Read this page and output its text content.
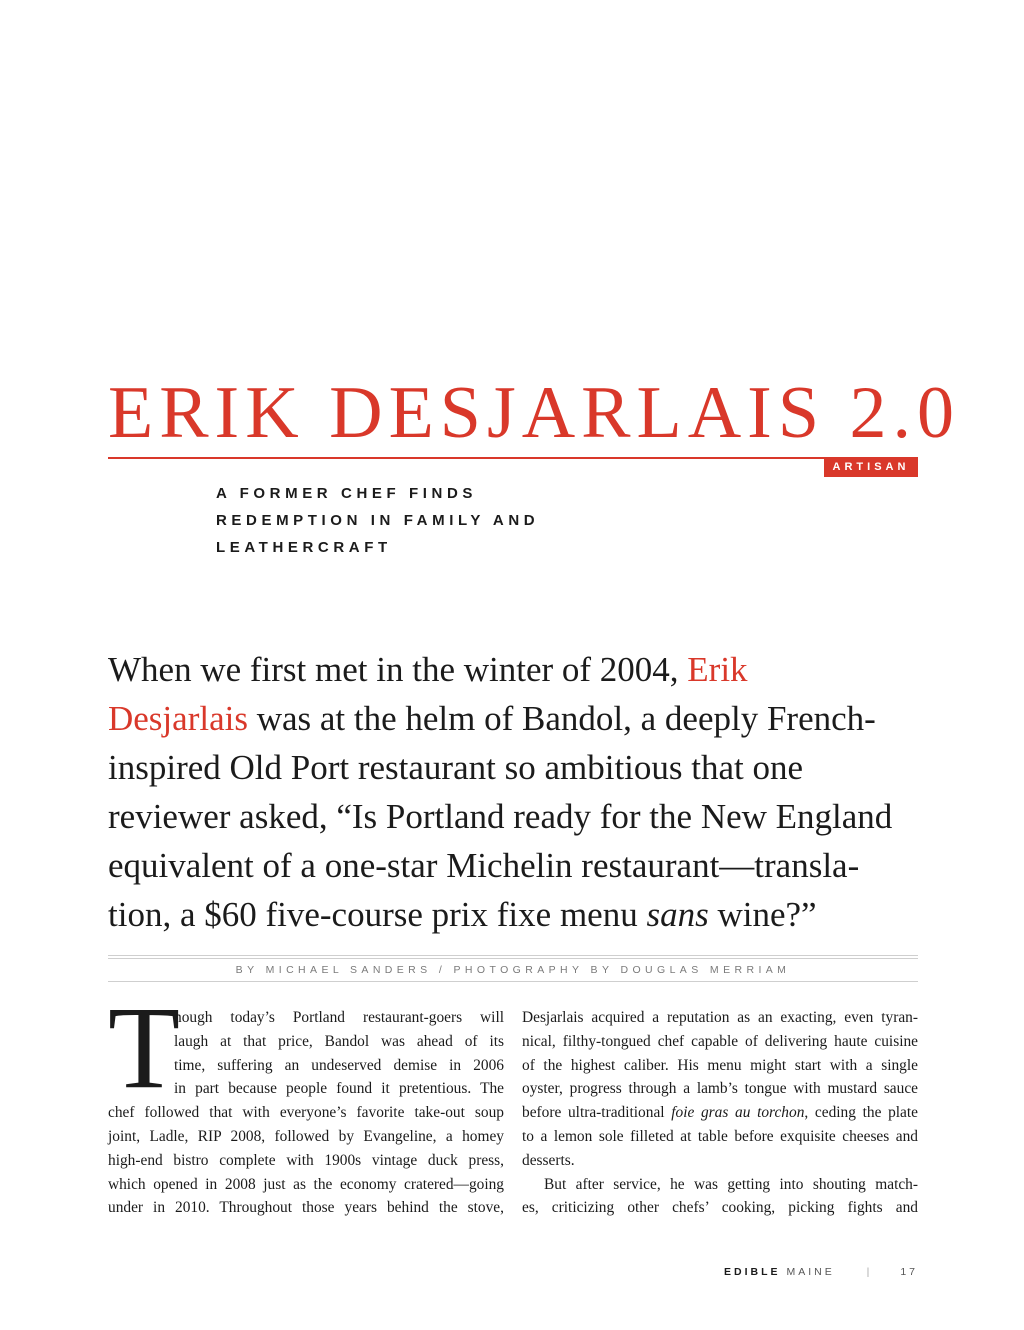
ERIK DESJARLAIS 2.0
ARTISAN
A FORMER CHEF FINDS
REDEMPTION IN FAMILY AND
LEATHERCRAFT
When we first met in the winter of 2004, Erik
Desjarlais was at the helm of Bandol, a deeply French-
inspired Old Port restaurant so ambitious that one
reviewer asked, “Is Portland ready for the New England
equivalent of a one-star Michelin restaurant—transla-
tion, a $60 five-course prix fixe menu sans wine?”
BY MICHAEL SANDERS / PHOTOGRAPHY BY DOUGLAS MERRIAM
T
hough today’s Portland restaurant-goers will
laugh at that price, Bandol was ahead of its
time, suffering an undeserved demise in 2006
in part because people found it pretentious. The
chef followed that with everyone’s favorite take-out soup
joint, Ladle, RIP 2008, followed by Evangeline, a homey
high-end bistro complete with 1900s vintage duck press,
which opened in 2008 just as the economy cratered—going
under in 2010. Throughout those years behind the stove,
Desjarlais acquired a reputation as an exacting, even tyran-
nical, filthy-tongued chef capable of delivering haute cuisine
of the highest caliber. His menu might start with a single
oyster, progress through a lamb’s tongue with mustard sauce
before ultra-traditional foie gras au torchon, ceding the plate
to a lemon sole filleted at table before exquisite cheeses and
desserts.
But after service, he was getting into shouting match-
es, criticizing other chefs’ cooking, picking fights and
EDIBLE MAINE	|	17
